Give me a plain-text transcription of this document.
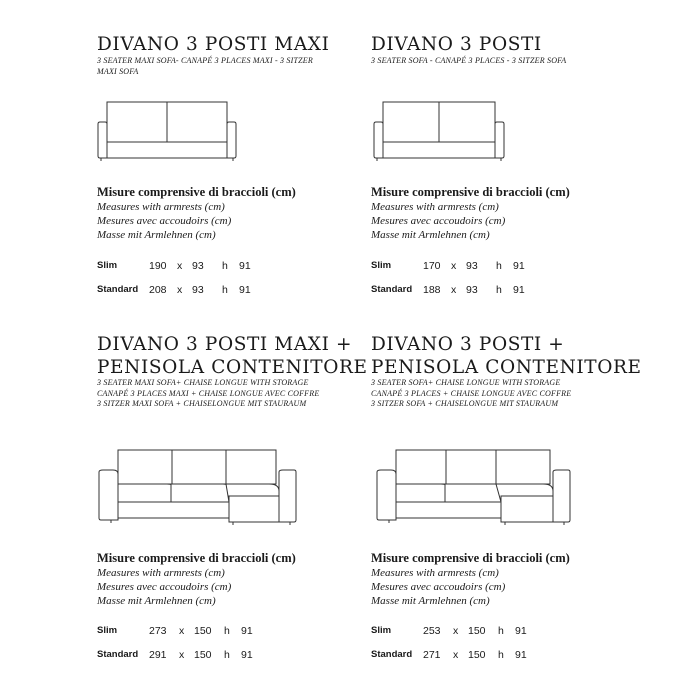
DIVANO 3 POSTI MAXI
3 SEATER MAXI SOFA- CANAPÉ 3 PLACES MAXI - 3 SITZER
MAXI SOFA
Misure comprensive di braccioli (cm)
Measures with armrests (cm)
Mesures avec accoudoirs (cm)
Masse mit Armlehnen (cm)
Slim	190 x 93 h 91
Standard 208 x 93 h 91
DIVANO 3 POSTI
3 SEATER SOFA - CANAPÉ 3 PLACES - 3 SITZER SOFA
Misure comprensive di braccioli (cm)
Measures with armrests (cm)
Mesures avec accoudoirs (cm)
Masse mit Armlehnen (cm)
Slim	170 x 93 h 91
Standard 188 x 93 h 91
DIVANO 3 POSTI MAXI +
PENISOLA CONTENITORE
3 SEATER MAXI SOFA+ CHAISE LONGUE WITH STORAGE
CANAPÉ 3 PLACES MAXI + CHAISE LONGUE AVEC COFFRE
3 SITZER MAXI SOFA + CHAISELONGUE MIT STAURAUM
Misure comprensive di braccioli (cm)
Measures with armrests (cm)
Mesures avec accoudoirs (cm)
Masse mit Armlehnen (cm)
Slim	273 x 150 h 91
Standard 291 x 150 h 91
DIVANO 3 POSTI +
PENISOLA CONTENITORE
3 SEATER SOFA+ CHAISE LONGUE WITH STORAGE
CANAPÉ 3 PLACES + CHAISE LONGUE AVEC COFFRE
3 SITZER SOFA + CHAISELONGUE MIT STAURAUM
Misure comprensive di braccioli (cm)
Measures with armrests (cm)
Mesures avec accoudoirs (cm)
Masse mit Armlehnen (cm)
Slim	253 x 150 h 91
Standard 271 x 150 h 91
